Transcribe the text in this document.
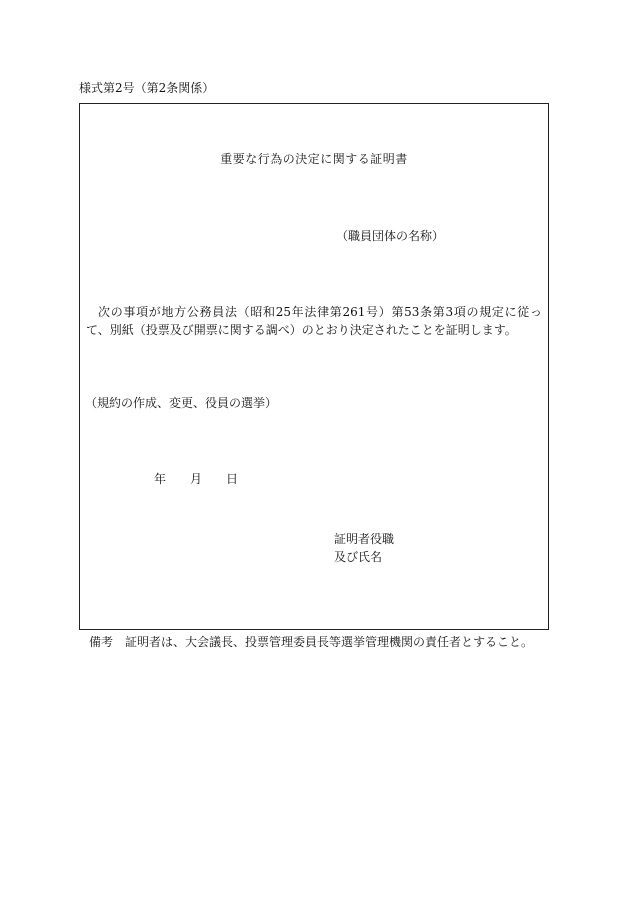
様式第2号（第2条関係）
重要な行為の決定に関する証明書
（職員団体の名称）
次の事項が地方公務員法（昭和25年法律第261号）第53条第3項の規定に従って、別紙（投票及び開票に関する調べ）のとおり決定されたことを証明します。
（規約の作成、変更、役員の選挙）
年 月 日
証明者役職
及び氏名
備考 証明者は、大会議長、投票管理委員長等選挙管理機関の責任者とすること。
